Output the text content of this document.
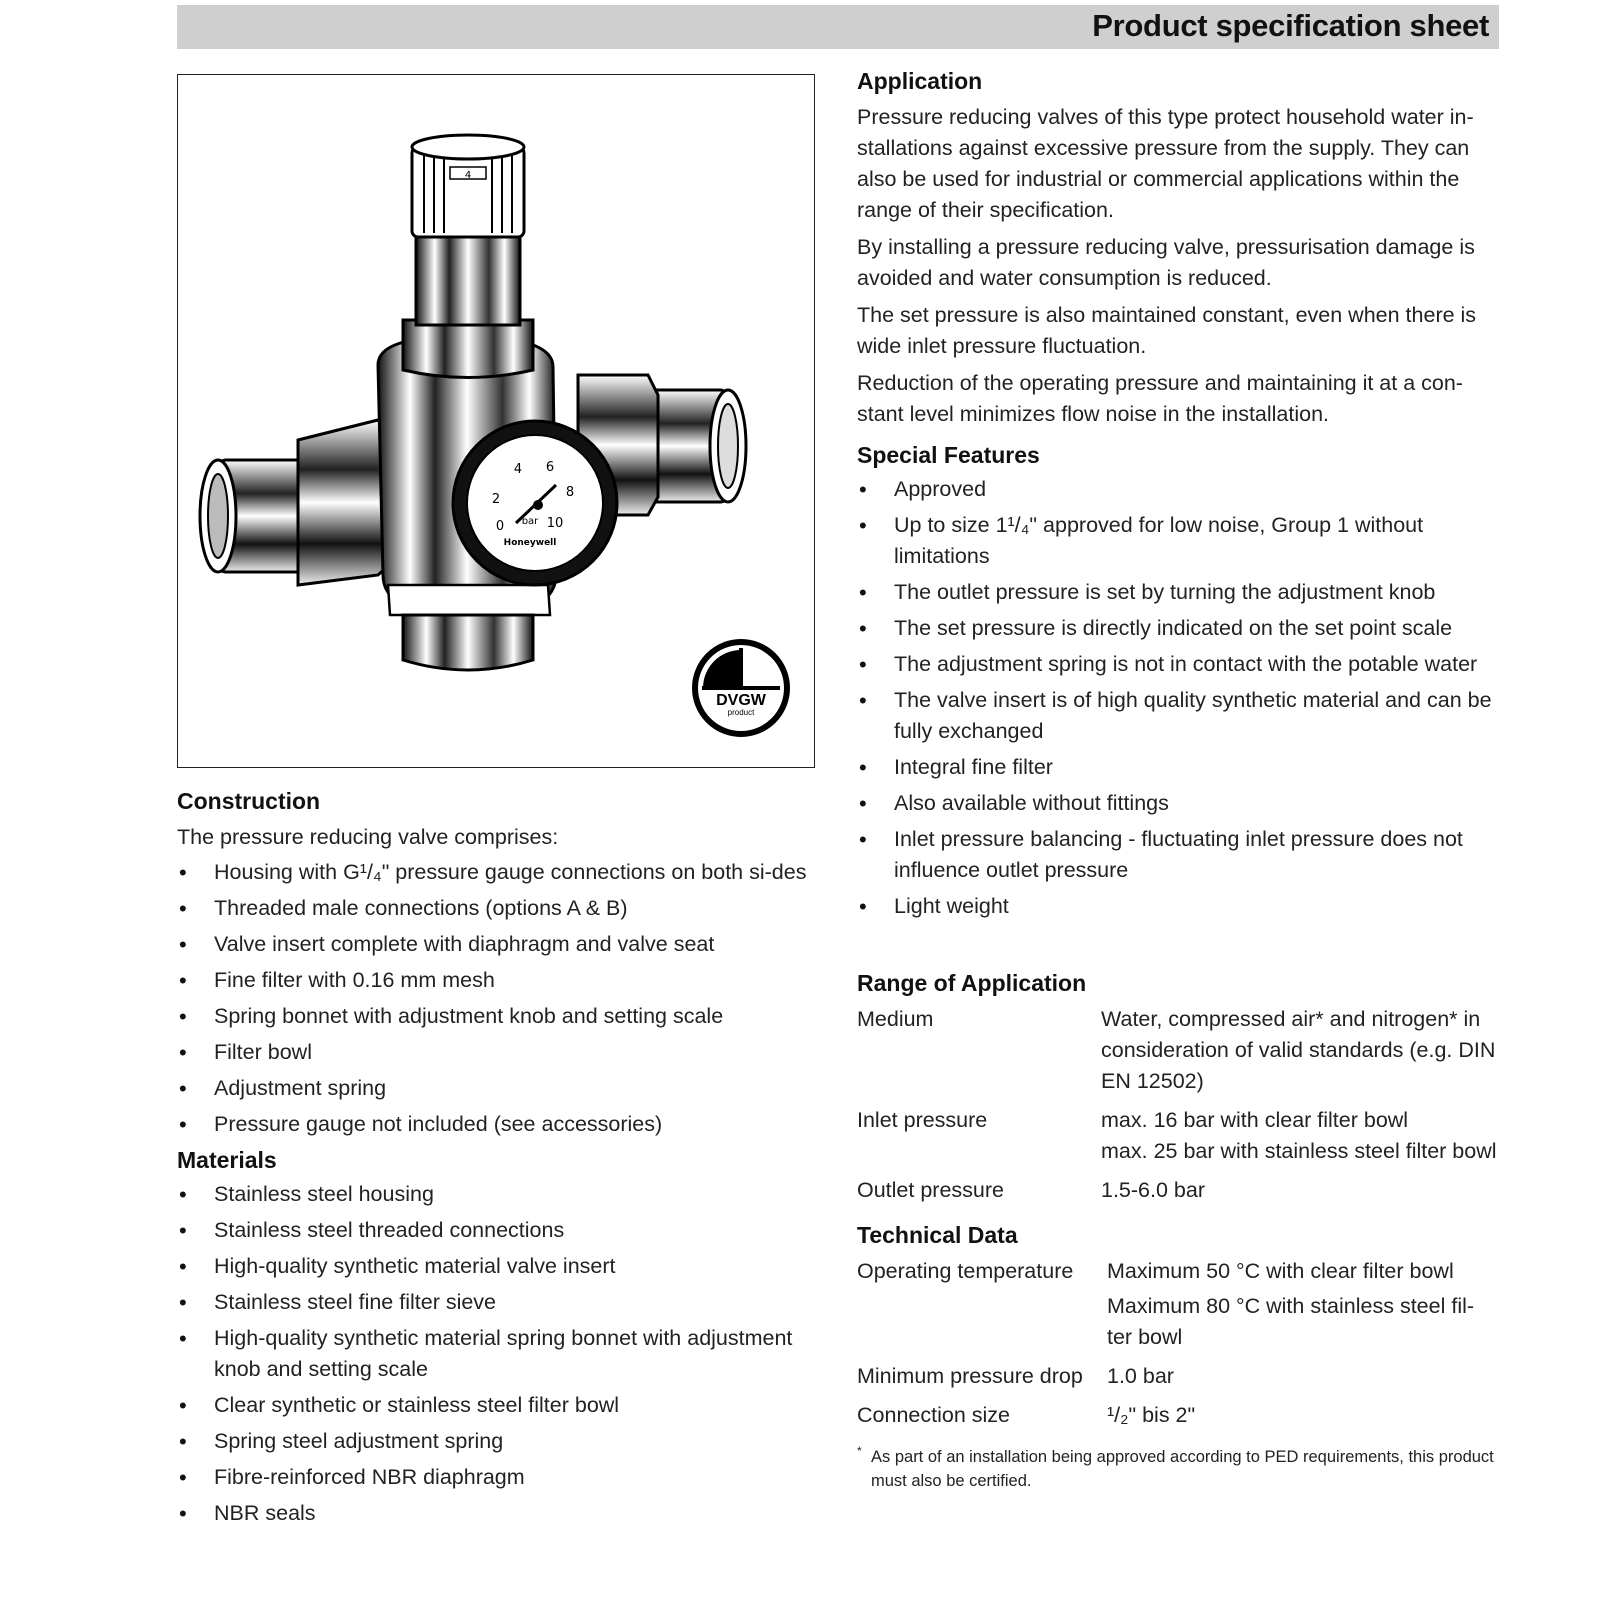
Product specification sheet
4
0
2
4 6
8
10
bar
Honeywell
DVGW
product
Construction

The pressure reducing valve comprises:

• Housing with G¹/₄" pressure gauge connections on both si-des
• Threaded male connections (options A & B)
• Valve insert complete with diaphragm and valve seat
• Fine filter with 0.16 mm mesh
• Spring bonnet with adjustment knob and setting scale
• Filter bowl
• Adjustment spring
• Pressure gauge not included (see accessories)
Materials
• Stainless steel housing
• Stainless steel threaded connections
• High-quality synthetic material valve insert
• Stainless steel fine filter sieve
• High-quality synthetic material spring bonnet with adjustment knob and setting scale
• Clear synthetic or stainless steel filter bowl
• Spring steel adjustment spring
• Fibre-reinforced NBR diaphragm
• NBR seals
Application

Pressure reducing valves of this type protect household water in-stallations against excessive pressure from the supply. They can also be used for industrial or commercial applications within the range of their specification.

By installing a pressure reducing valve, pressurisation damage is avoided and water consumption is reduced.

The set pressure is also maintained constant, even when there is wide inlet pressure fluctuation.

Reduction of the operating pressure and maintaining it at a con-stant level minimizes flow noise in the installation.

Special Features
• Approved
• Up to size 1¹/₄" approved for low noise, Group 1 without limitations
• The outlet pressure is set by turning the adjustment knob
• The set pressure is directly indicated on the set point scale
• The adjustment spring is not in contact with the potable water
• The valve insert is of high quality synthetic material and can be fully exchanged
• Integral fine filter
• Also available without fittings
• Inlet pressure balancing - fluctuating inlet pressure does not influence outlet pressure
• Light weight
Range of Application
Medium	Water, compressed air* and nitrogen* in consideration of valid standards (e.g. DIN EN 12502)
Inlet pressure	max. 16 bar with clear filter bowl
max. 25 bar with stainless steel filter bowl

Outlet pressure	1.5-6.0 bar
Technical Data
Operating temperature	Maximum 50 °C with clear filter bowl
Maximum 80 °C with stainless steel fil-ter bowl

Minimum pressure drop	1.0 bar
Connection size	¹/₂" bis 2"
* As part of an installation being approved according to PED requirements, this product must also be certified.
